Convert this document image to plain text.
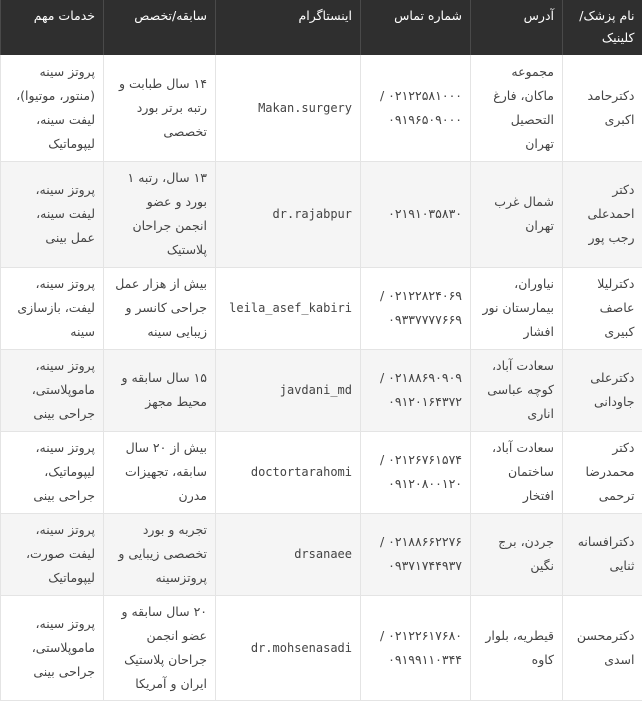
نام پزشک/کلینیک	آدرس	شماره تماس	اینستاگرام	سابقه/تخصص	خدمات مهم
دکترحامد اکبری	مجموعه ماکان، فارغ التحصیل تهران	۰۲۱۲۲۵۸۱۰۰۰ / ۰۹۱۹۶۵۰۹۰۰۰	Makan.surgery	۱۴ سال طبابت و رتبه برتر بورد تخصصی	پروتز سینه (منتور، موتیوا)، لیفت سینه، لیپوماتیک
دکتر احمدعلی رجب پور	شمال غرب تهران	۰۲۱۹۱۰۳۵۸۳۰	dr.rajabpur	۱۳ سال، رتبه ۱ بورد و عضو انجمن جراحان پلاستیک	پروتز سینه، لیفت سینه، عمل بینی
دکترلیلا عاصف کبیری	نیاوران، بیمارستان نور افشار	۰۲۱۲۲۸۲۴۰۶۹ / ۰۹۳۳۷۷۷۷۶۶۹	leila_asef_kabiri	بیش از هزار عمل جراحی کانسر و زیبایی سینه	پروتز سینه، لیفت، بازسازی سینه
دکترعلی جاودانی	سعادت آباد، کوچه عباسی اناری	۰۲۱۸۸۶۹۰۹۰۹ / ۰۹۱۲۰۱۶۴۳۷۲	javdani_md	۱۵ سال سابقه و محیط مجهز	پروتز سینه، ماموپلاستی، جراحی بینی
دکتر محمدرضا ترحمی	سعادت آباد، ساختمان افتخار	۰۲۱۲۶۷۶۱۵۷۴ / ۰۹۱۲۰۸۰۰۱۲۰	doctortarahomi	بیش از ۲۰ سال سابقه، تجهیزات مدرن	پروتز سینه، لیپوماتیک، جراحی بینی
دکترافسانه ثنایی	جردن، برج نگین	۰۲۱۸۸۶۶۲۲۷۶ / ۰۹۳۷۱۷۴۴۹۳۷	drsanaee	تجربه و بورد تخصصی زیبایی و پروتزسینه	پروتز سینه، لیفت صورت، لیپوماتیک
دکترمحسن اسدی	قیطریه، بلوار کاوه	۰۲۱۲۲۶۱۷۶۸۰ / ۰۹۱۹۹۱۱۰۳۴۴	dr.mohsenasadi	۲۰ سال سابقه و عضو انجمن جراحان پلاستیک ایران و آمریکا	پروتز سینه، ماموپلاستی، جراحی بینی
